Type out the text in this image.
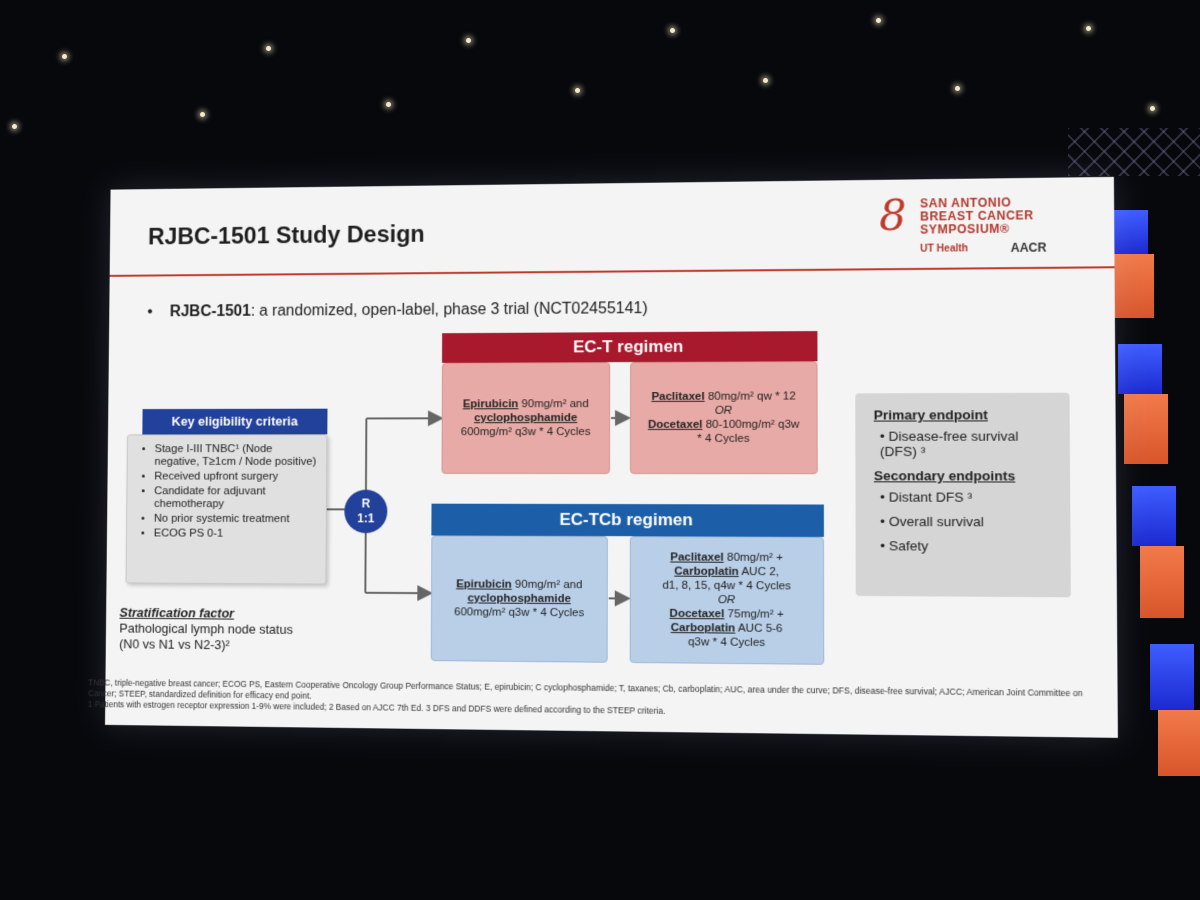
RJBC-1501 Study Design	8 SAN ANTONIO
BREAST CANCER
SYMPOSIUM®
UT Health	AACR
•    RJBC-1501: a randomized, open-label, phase 3 trial (NCT02455141)
Key eligibility criteria
• Stage I-III TNBC¹ (Node negative, T≥1cm / Node positive)
• Received upfront surgery
• Candidate for adjuvant chemotherapy
• No prior systemic treatment
• ECOG PS 0-1
R
1:1
EC-T regimen
Epirubicin 90mg/m² and
cyclophosphamide
600mg/m² q3w * 4 Cycles
Paclitaxel 80mg/m² qw * 12
OR
Docetaxel 80-100mg/m² q3w
* 4 Cycles
EC-TCb regimen
Epirubicin 90mg/m² and
cyclophosphamide
600mg/m² q3w * 4 Cycles
Paclitaxel 80mg/m² +
Carboplatin AUC 2,
d1, 8, 15, q4w * 4 Cycles
OR
Docetaxel 75mg/m² +
Carboplatin AUC 5-6
q3w * 4 Cycles
Primary endpoint
• Disease-free survival (DFS) ³
Secondary endpoints
• Distant DFS ³
• Overall survival
• Safety
Stratification factor
Pathological lymph node status
(N0 vs N1 vs N2-3)²
TNBC, triple-negative breast cancer; ECOG PS, Eastern Cooperative Oncology Group Performance Status; E, epirubicin; C cyclophosphamide; T, taxanes; Cb, carboplatin; AUC, area under the curve; DFS, disease-free survival; AJCC; American Joint Committee on Cancer; STEEP, standardized definition for efficacy end point.
1 Patients with estrogen receptor expression 1-9% were included; 2 Based on AJCC 7th Ed. 3 DFS and DDFS were defined according to the STEEP criteria.
